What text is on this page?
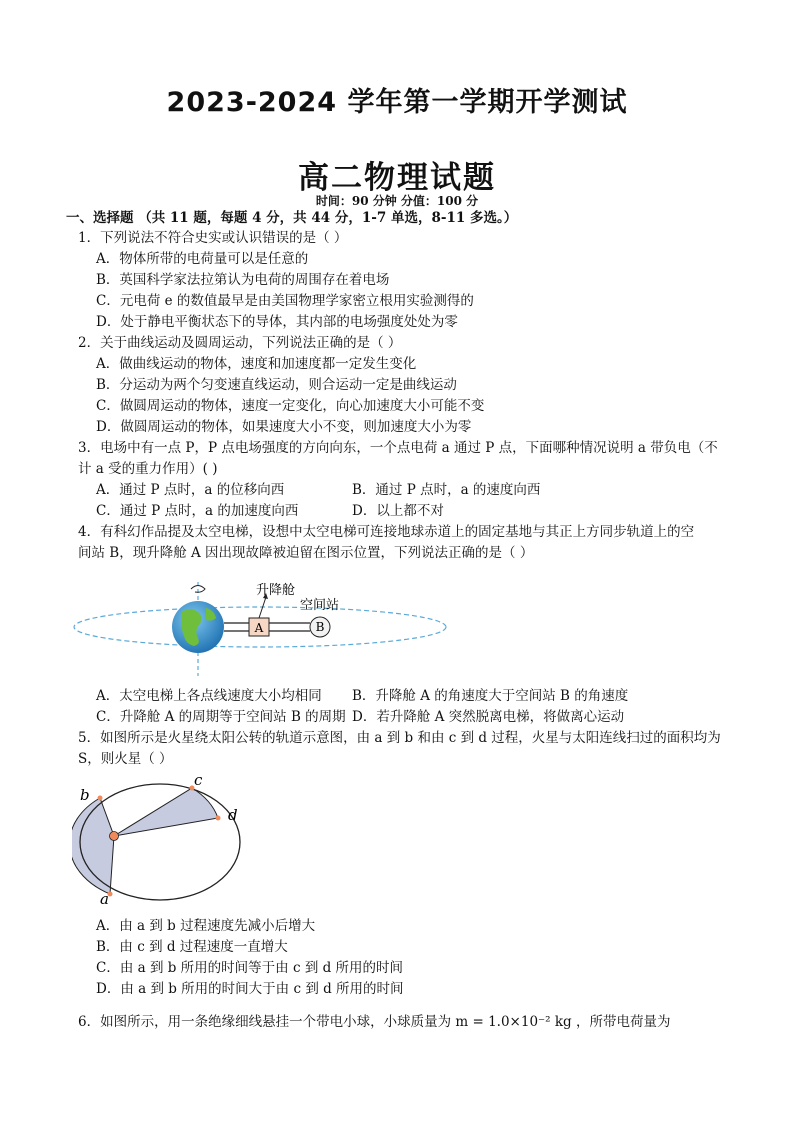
2023-2024 学年第一学期开学测试
高二物理试题
时间：90 分钟 分值：100 分
一、选择题 （共 11 题，每题 4 分，共 44 分，1-7 单选，8-11 多选。）
1．下列说法不符合史实或认识错误的是（ ）
A．物体所带的电荷量可以是任意的
B．英国科学家法拉第认为电荷的周围存在着电场
C．元电荷 e 的数值最早是由美国物理学家密立根用实验测得的
D．处于静电平衡状态下的导体，其内部的电场强度处处为零
2．关于曲线运动及圆周运动，下列说法正确的是（ ）
A．做曲线运动的物体，速度和加速度都一定发生变化
B．分运动为两个匀变速直线运动，则合运动一定是曲线运动
C．做圆周运动的物体，速度一定变化，向心加速度大小可能不变
D．做圆周运动的物体，如果速度大小不变，则加速度大小为零
3．电场中有一点 P，P 点电场强度的方向向东，一个点电荷 a 通过 P 点，下面哪种情况说明 a 带负电（不
计 a 受的重力作用）( )
A．通过 P 点时，a 的位移向西	B．通过 P 点时，a 的速度向西
C．通过 P 点时，a 的加速度向西	D．以上都不对
4．有科幻作品提及太空电梯，设想中太空电梯可连接地球赤道上的固定基地与其正上方同步轨道上的空
间站 B，现升降舱 A 因出现故障被迫留在图示位置，下列说法正确的是（ ）
A	B
升降舱
空间站
A．太空电梯上各点线速度大小均相同 B．升降舱 A 的角速度大于空间站 B 的角速度
C．升降舱 A 的周期等于空间站 B 的周期 D．若升降舱 A 突然脱离电梯，将做离心运动
5．如图所示是火星绕太阳公转的轨道示意图，由 a 到 b 和由 c 到 d 过程，火星与太阳连线扫过的面积均为
S，则火星（ ）
a
b
c
d
A．由 a 到 b 过程速度先减小后增大
B．由 c 到 d 过程速度一直增大
C．由 a 到 b 所用的时间等于由 c 到 d 所用的时间
D．由 a 到 b 所用的时间大于由 c 到 d 所用的时间
6．如图所示，用一条绝缘细线悬挂一个带电小球，小球质量为 m = 1.0×10⁻² kg ，所带电荷量为
